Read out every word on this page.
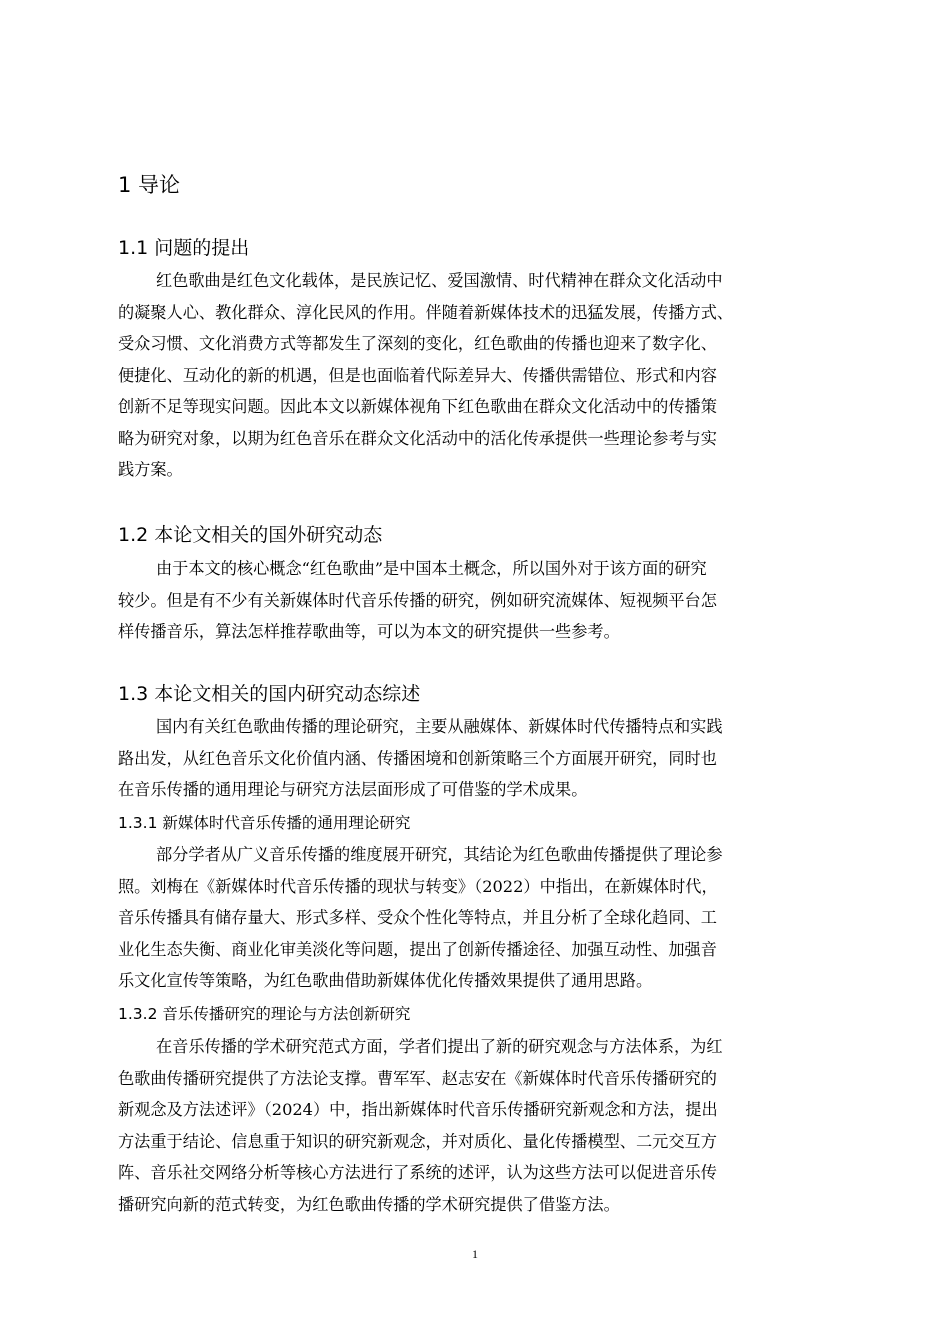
1 导论
1.1 问题的提出
红色歌曲是红色文化载体，是民族记忆、爱国激情、时代精神在群众文化活动中
的凝聚人心、教化群众、淳化民风的作用。伴随着新媒体技术的迅猛发展，传播方式、
受众习惯、文化消费方式等都发生了深刻的变化，红色歌曲的传播也迎来了数字化、
便捷化、互动化的新的机遇，但是也面临着代际差异大、传播供需错位、形式和内容
创新不足等现实问题。因此本文以新媒体视角下红色歌曲在群众文化活动中的传播策
略为研究对象，以期为红色音乐在群众文化活动中的活化传承提供一些理论参考与实
践方案。
1.2 本论文相关的国外研究动态
由于本文的核心概念“红色歌曲”是中国本土概念，所以国外对于该方面的研究
较少。但是有不少有关新媒体时代音乐传播的研究，例如研究流媒体、短视频平台怎
样传播音乐，算法怎样推荐歌曲等，可以为本文的研究提供一些参考。
1.3 本论文相关的国内研究动态综述
国内有关红色歌曲传播的理论研究，主要从融媒体、新媒体时代传播特点和实践
路出发，从红色音乐文化价值内涵、传播困境和创新策略三个方面展开研究，同时也
在音乐传播的通用理论与研究方法层面形成了可借鉴的学术成果。
1.3.1 新媒体时代音乐传播的通用理论研究
部分学者从广义音乐传播的维度展开研究，其结论为红色歌曲传播提供了理论参
照。刘梅在《新媒体时代音乐传播的现状与转变》（2022）中指出，在新媒体时代，
音乐传播具有储存量大、形式多样、受众个性化等特点，并且分析了全球化趋同、工
业化生态失衡、商业化审美淡化等问题，提出了创新传播途径、加强互动性、加强音
乐文化宣传等策略，为红色歌曲借助新媒体优化传播效果提供了通用思路。
1.3.2 音乐传播研究的理论与方法创新研究
在音乐传播的学术研究范式方面，学者们提出了新的研究观念与方法体系，为红
色歌曲传播研究提供了方法论支撑。曹军军、赵志安在《新媒体时代音乐传播研究的
新观念及方法述评》（2024）中，指出新媒体时代音乐传播研究新观念和方法，提出
方法重于结论、信息重于知识的研究新观念，并对质化、量化传播模型、二元交互方
阵、音乐社交网络分析等核心方法进行了系统的述评，认为这些方法可以促进音乐传
播研究向新的范式转变，为红色歌曲传播的学术研究提供了借鉴方法。
1
